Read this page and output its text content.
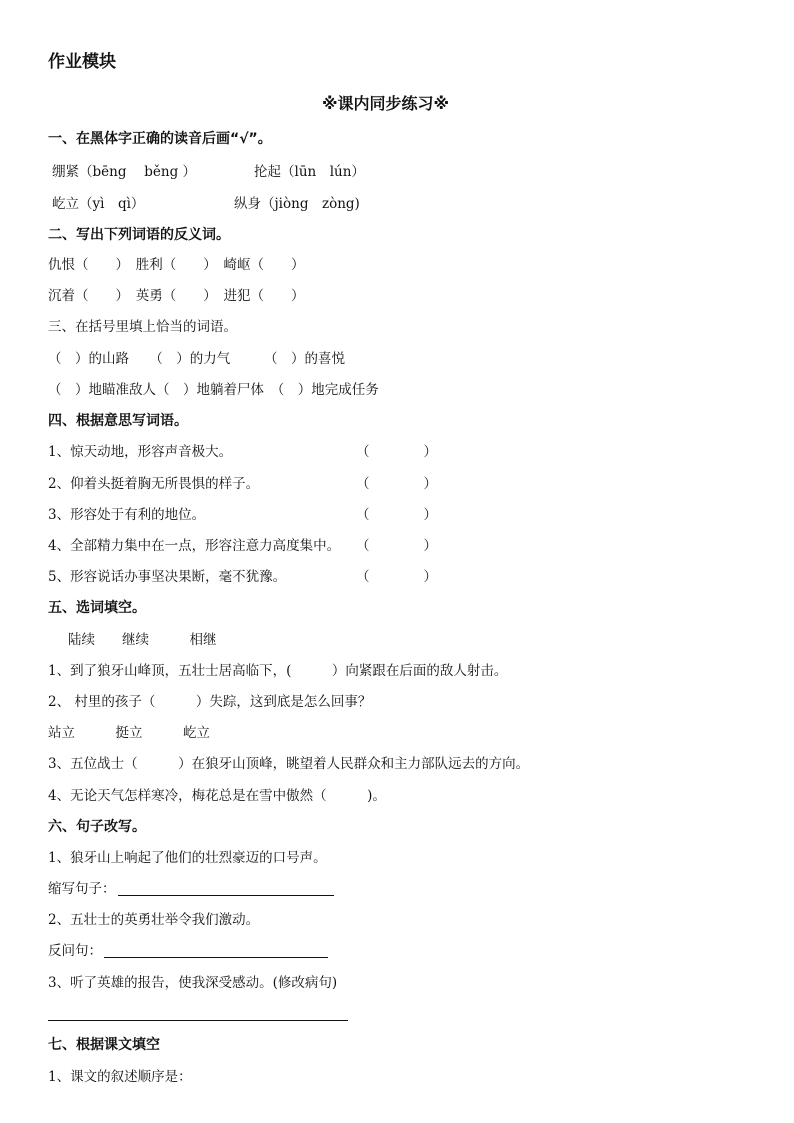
作业模块
※课内同步练习※
一、在黑体字正确的读音后画“√”。
绷紧（bēng　 běng ）	抡起（lūn　lún）
屹立（yì　qì）	纵身（jiòng　zòng)
二、写出下列词语的反义词。
仇恨（　　）　胜利（　　）　崎岖（　　）
沉着（　　）　英勇（　　）　进犯（　　）
三、在括号里填上恰当的词语。
（　）的山路　　（　）的力气　　　（　）的喜悦
（　）地瞄准敌人（　）地躺着尸体　（　）地完成任务
四、根据意思写词语。
1、惊天动地，形容声音极大。	（　　　　）
2、仰着头挺着胸无所畏惧的样子。	（　　　　）
3、形容处于有利的地位。	（　　　　）
4、全部精力集中在一点，形容注意力高度集中。 （　　　　）
5、形容说话办事坚决果断，毫不犹豫。	（　　　　）
五、选词填空。
陆续　　继续　　　相继
1、到了狼牙山峰顶，五壮士居高临下，(　　　）向紧跟在后面的敌人射击。
2、 村里的孩子（　　　）失踪，这到底是怎么回事？
站立　　　挺立　　　屹立
3、五位战士（　　　）在狼牙山顶峰，眺望着人民群众和主力部队远去的方向。
4、无论天气怎样寒冷，梅花总是在雪中傲然（　　　)。
六、句子改写。
1、狼牙山上响起了他们的壮烈豪迈的口号声。
缩写句子：
2、五壮士的英勇壮举令我们激动。
反问句：
3、听了英雄的报告，使我深受感动。(修改病句)
七、根据课文填空
1、课文的叙述顺序是：
